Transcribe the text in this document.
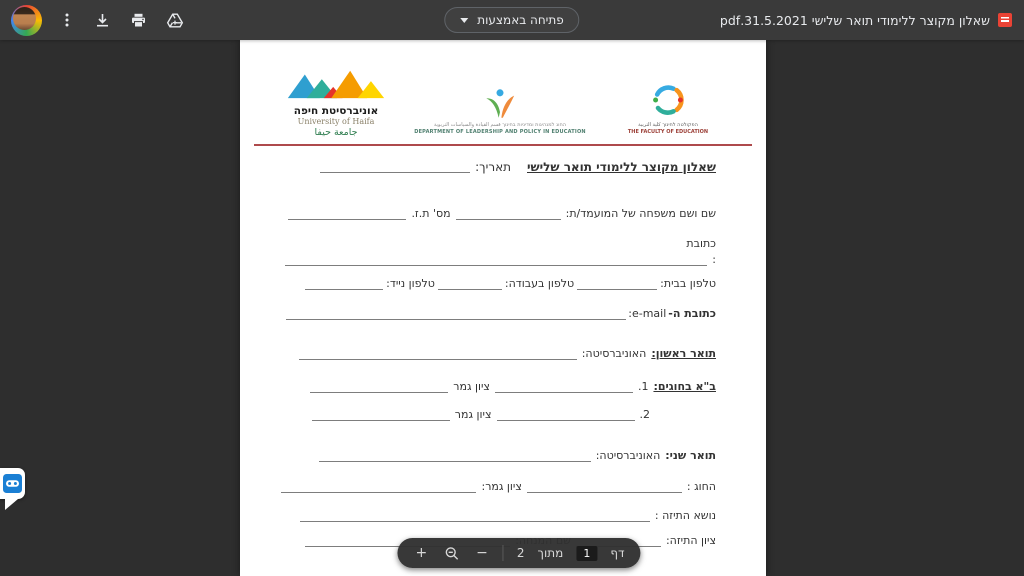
פתיחה באמצעות	שאלון מקוצר ללימודי תואר שלישי 31.5.2021.pdf
אוניברסיטת חיפה
University of Haifa
جامعة حيفا
החוג למנהיגות ומדיניות בחינוך قسم القيادة والسياسات التربوية
DEPARTMENT OF LEADERSHIP AND POLICY IN EDUCATION
הפקולטה לחינוך كلية التربية
THE FACULTY OF EDUCATION
שאלון מקוצר ללימודי תואר שלישי
תאריך:
שם ושם משפחה של המועמד/ת:
מס' ת.ז.
כתובת
:
טלפון בבית:
טלפון בעבודה:
טלפון נייד:
כתובת ה-
e-mail:
תואר ראשון:
האוניברסיטה:
ב"א בחוגים:
1.
ציון גמר
2.
ציון גמר
תואר שני:
האוניברסיטה:
החוג :
ציון גמר:
נושא התיזה :
ציון התיזה:
+	− 2 מתוך	1	דף
